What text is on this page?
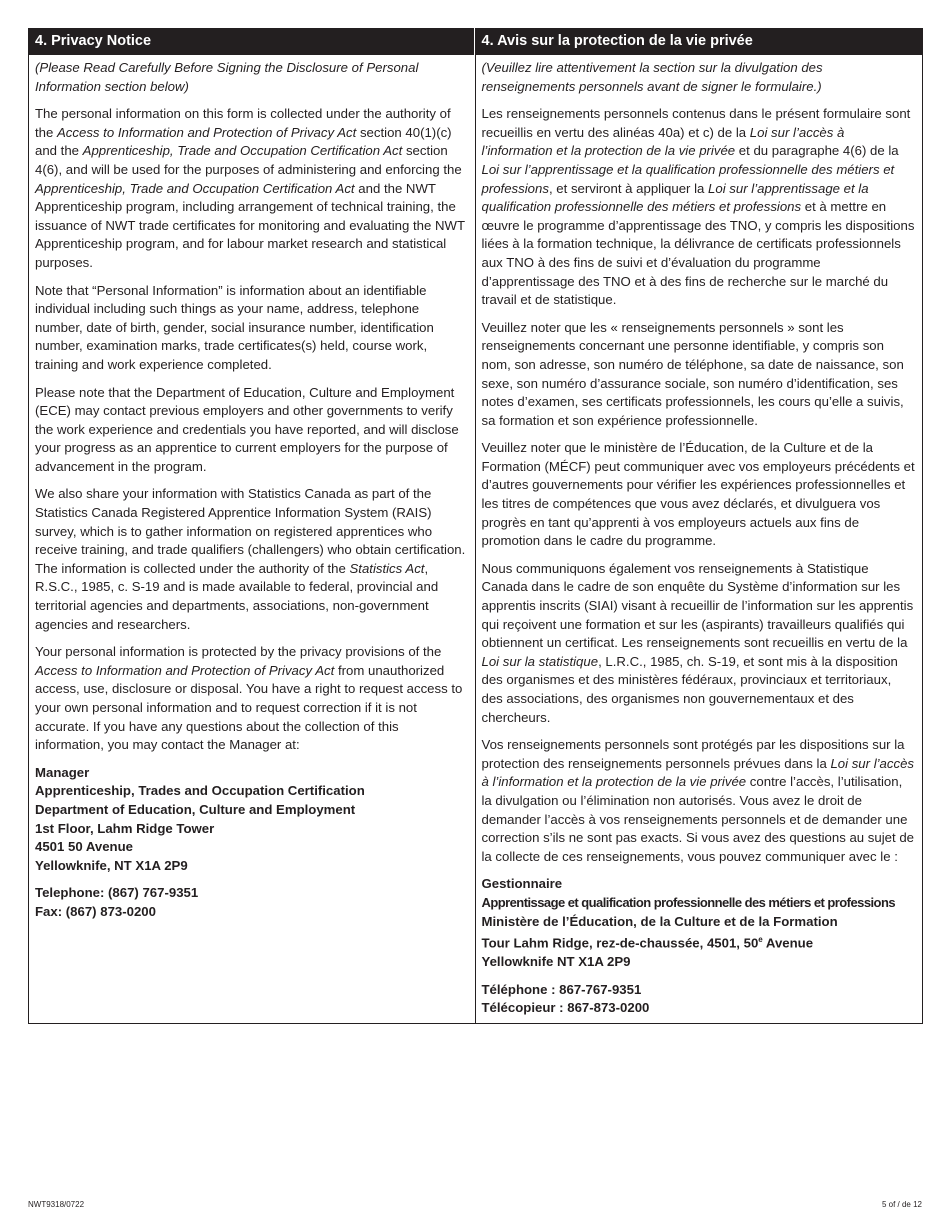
4. Privacy Notice

(Please Read Carefully Before Signing the Disclosure of Personal Information section below)

The personal information on this form is collected under the authority of the Access to Information and Protection of Privacy Act section 40(1)(c) and the Apprenticeship, Trade and Occupation Certification Act section 4(6), and will be used for the purposes of administering and enforcing the Apprenticeship, Trade and Occupation Certification Act and the NWT Apprenticeship program, including arrangement of technical training, the issuance of NWT trade certificates for monitoring and evaluating the NWT Apprenticeship program, and for labour market research and statistical purposes.

Note that “Personal Information” is information about an identifiable individual including such things as your name, address, telephone number, date of birth, gender, social insurance number, identification number, examination marks, trade certificates(s) held, course work, training and work experience completed.

Please note that the Department of Education, Culture and Employment (ECE) may contact previous employers and other governments to verify the work experience and credentials you have reported, and will disclose your progress as an apprentice to current employers for the purpose of advancement in the program.

We also share your information with Statistics Canada as part of the Statistics Canada Registered Apprentice Information System (RAIS) survey, which is to gather information on registered apprentices who receive training, and trade qualifiers (challengers) who obtain certification. The information is collected under the authority of the Statistics Act, R.S.C., 1985, c. S-19 and is made available to federal, provincial and territorial agencies and departments, associations, non-government agencies and researchers.

Your personal information is protected by the privacy provisions of the Access to Information and Protection of Privacy Act from unauthorized access, use, disclosure or disposal. You have a right to request access to your own personal information and to request correction if it is not accurate. If you have any questions about the collection of this information, you may contact the Manager at:

Manager
Apprenticeship, Trades and Occupation Certification
Department of Education, Culture and Employment
1st Floor, Lahm Ridge Tower
4501 50 Avenue
Yellowknife, NT X1A 2P9

Telephone: (867) 767-9351
Fax: (867) 873-0200

4. Avis sur la protection de la vie privée

(Veuillez lire attentivement la section sur la divulgation des renseignements personnels avant de signer le formulaire.)

Les renseignements personnels contenus dans le présent formulaire sont recueillis en vertu des alinéas 40a) et c) de la Loi sur l’accès à l’information et la protection de la vie privée et du paragraphe 4(6) de la Loi sur l’apprentissage et la qualification professionnelle des métiers et professions, et serviront à appliquer la Loi sur l’apprentissage et la qualification professionnelle des métiers et professions et à mettre en œuvre le programme d’apprentissage des TNO, y compris les dispositions liées à la formation technique, la délivrance de certificats professionnels aux TNO à des fins de suivi et d’évaluation du programme d’apprentissage des TNO et à des fins de recherche sur le marché du travail et de statistique.

Veuillez noter que les « renseignements personnels » sont les renseignements concernant une personne identifiable, y compris son nom, son adresse, son numéro de téléphone, sa date de naissance, son sexe, son numéro d’assurance sociale, son numéro d’identification, ses notes d’examen, ses certificats professionnels, les cours qu’elle a suivis, sa formation et son expérience professionnelle.

Veuillez noter que le ministère de l’Éducation, de la Culture et de la Formation (MÉCF) peut communiquer avec vos employeurs précédents et d’autres gouvernements pour vérifier les expériences professionnelles et les titres de compétences que vous avez déclarés, et divulguera vos progrès en tant qu’apprenti à vos employeurs actuels aux fins de promotion dans le cadre du programme.

Nous communiquons également vos renseignements à Statistique Canada dans le cadre de son enquête du Système d’information sur les apprentis inscrits (SIAI) visant à recueillir de l’information sur les apprentis qui reçoivent une formation et sur les (aspirants) travailleurs qualifiés qui obtiennent un certificat. Les renseignements sont recueillis en vertu de la Loi sur la statistique, L.R.C., 1985, ch. S-19, et sont mis à la disposition des organismes et des ministères fédéraux, provinciaux et territoriaux, des associations, des organismes non gouvernementaux et des chercheurs.

Vos renseignements personnels sont protégés par les dispositions sur la protection des renseignements personnels prévues dans la Loi sur l’accès à l’information et la protection de la vie privée contre l’accès, l’utilisation, la divulgation ou l’élimination non autorisés. Vous avez le droit de demander l’accès à vos renseignements personnels et de demander une correction s’ils ne sont pas exacts. Si vous avez des questions au sujet de la collecte de ces renseignements, vous pouvez communiquer avec le :

Gestionnaire
Apprentissage et qualification professionnelle des métiers et professions
Ministère de l’Éducation, de la Culture et de la Formation
Tour Lahm Ridge, rez-de-chaussée, 4501, 50e Avenue
Yellowknife NT X1A 2P9

Téléphone : 867-767-9351
Télécopieur : 867-873-0200

NWT9318/0722	5 of / de 12
